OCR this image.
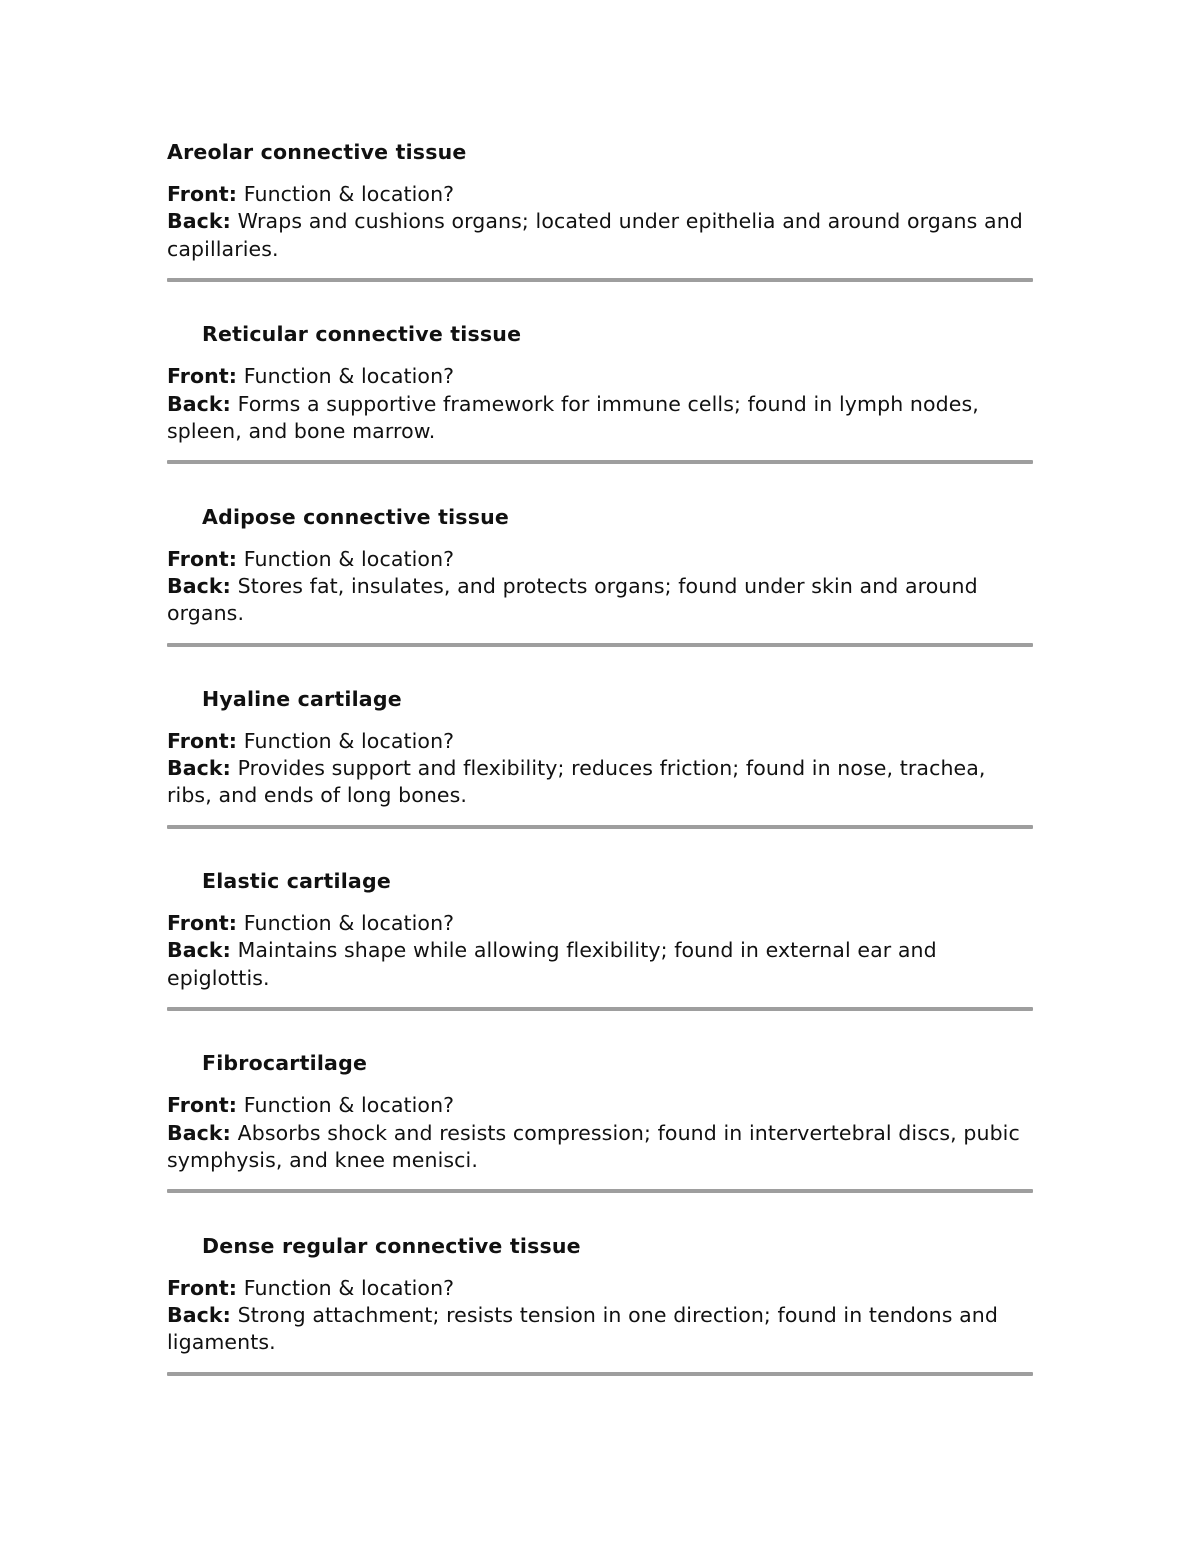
Areolar connective tissue

Front: Function & location?

Back: Wraps and cushions organs; located under epithelia and around organs and capillaries.

Reticular connective tissue

Front: Function & location?

Back: Forms a supportive framework for immune cells; found in lymph nodes, spleen, and bone marrow.

Adipose connective tissue

Front: Function & location?

Back: Stores fat, insulates, and protects organs; found under skin and around organs.

Hyaline cartilage

Front: Function & location?

Back: Provides support and flexibility; reduces friction; found in nose, trachea, ribs, and ends of long bones.

Elastic cartilage

Front: Function & location?

Back: Maintains shape while allowing flexibility; found in external ear and epiglottis.

Fibrocartilage

Front: Function & location?

Back: Absorbs shock and resists compression; found in intervertebral discs, pubic symphysis, and knee menisci.

Dense regular connective tissue

Front: Function & location?

Back: Strong attachment; resists tension in one direction; found in tendons and ligaments.
